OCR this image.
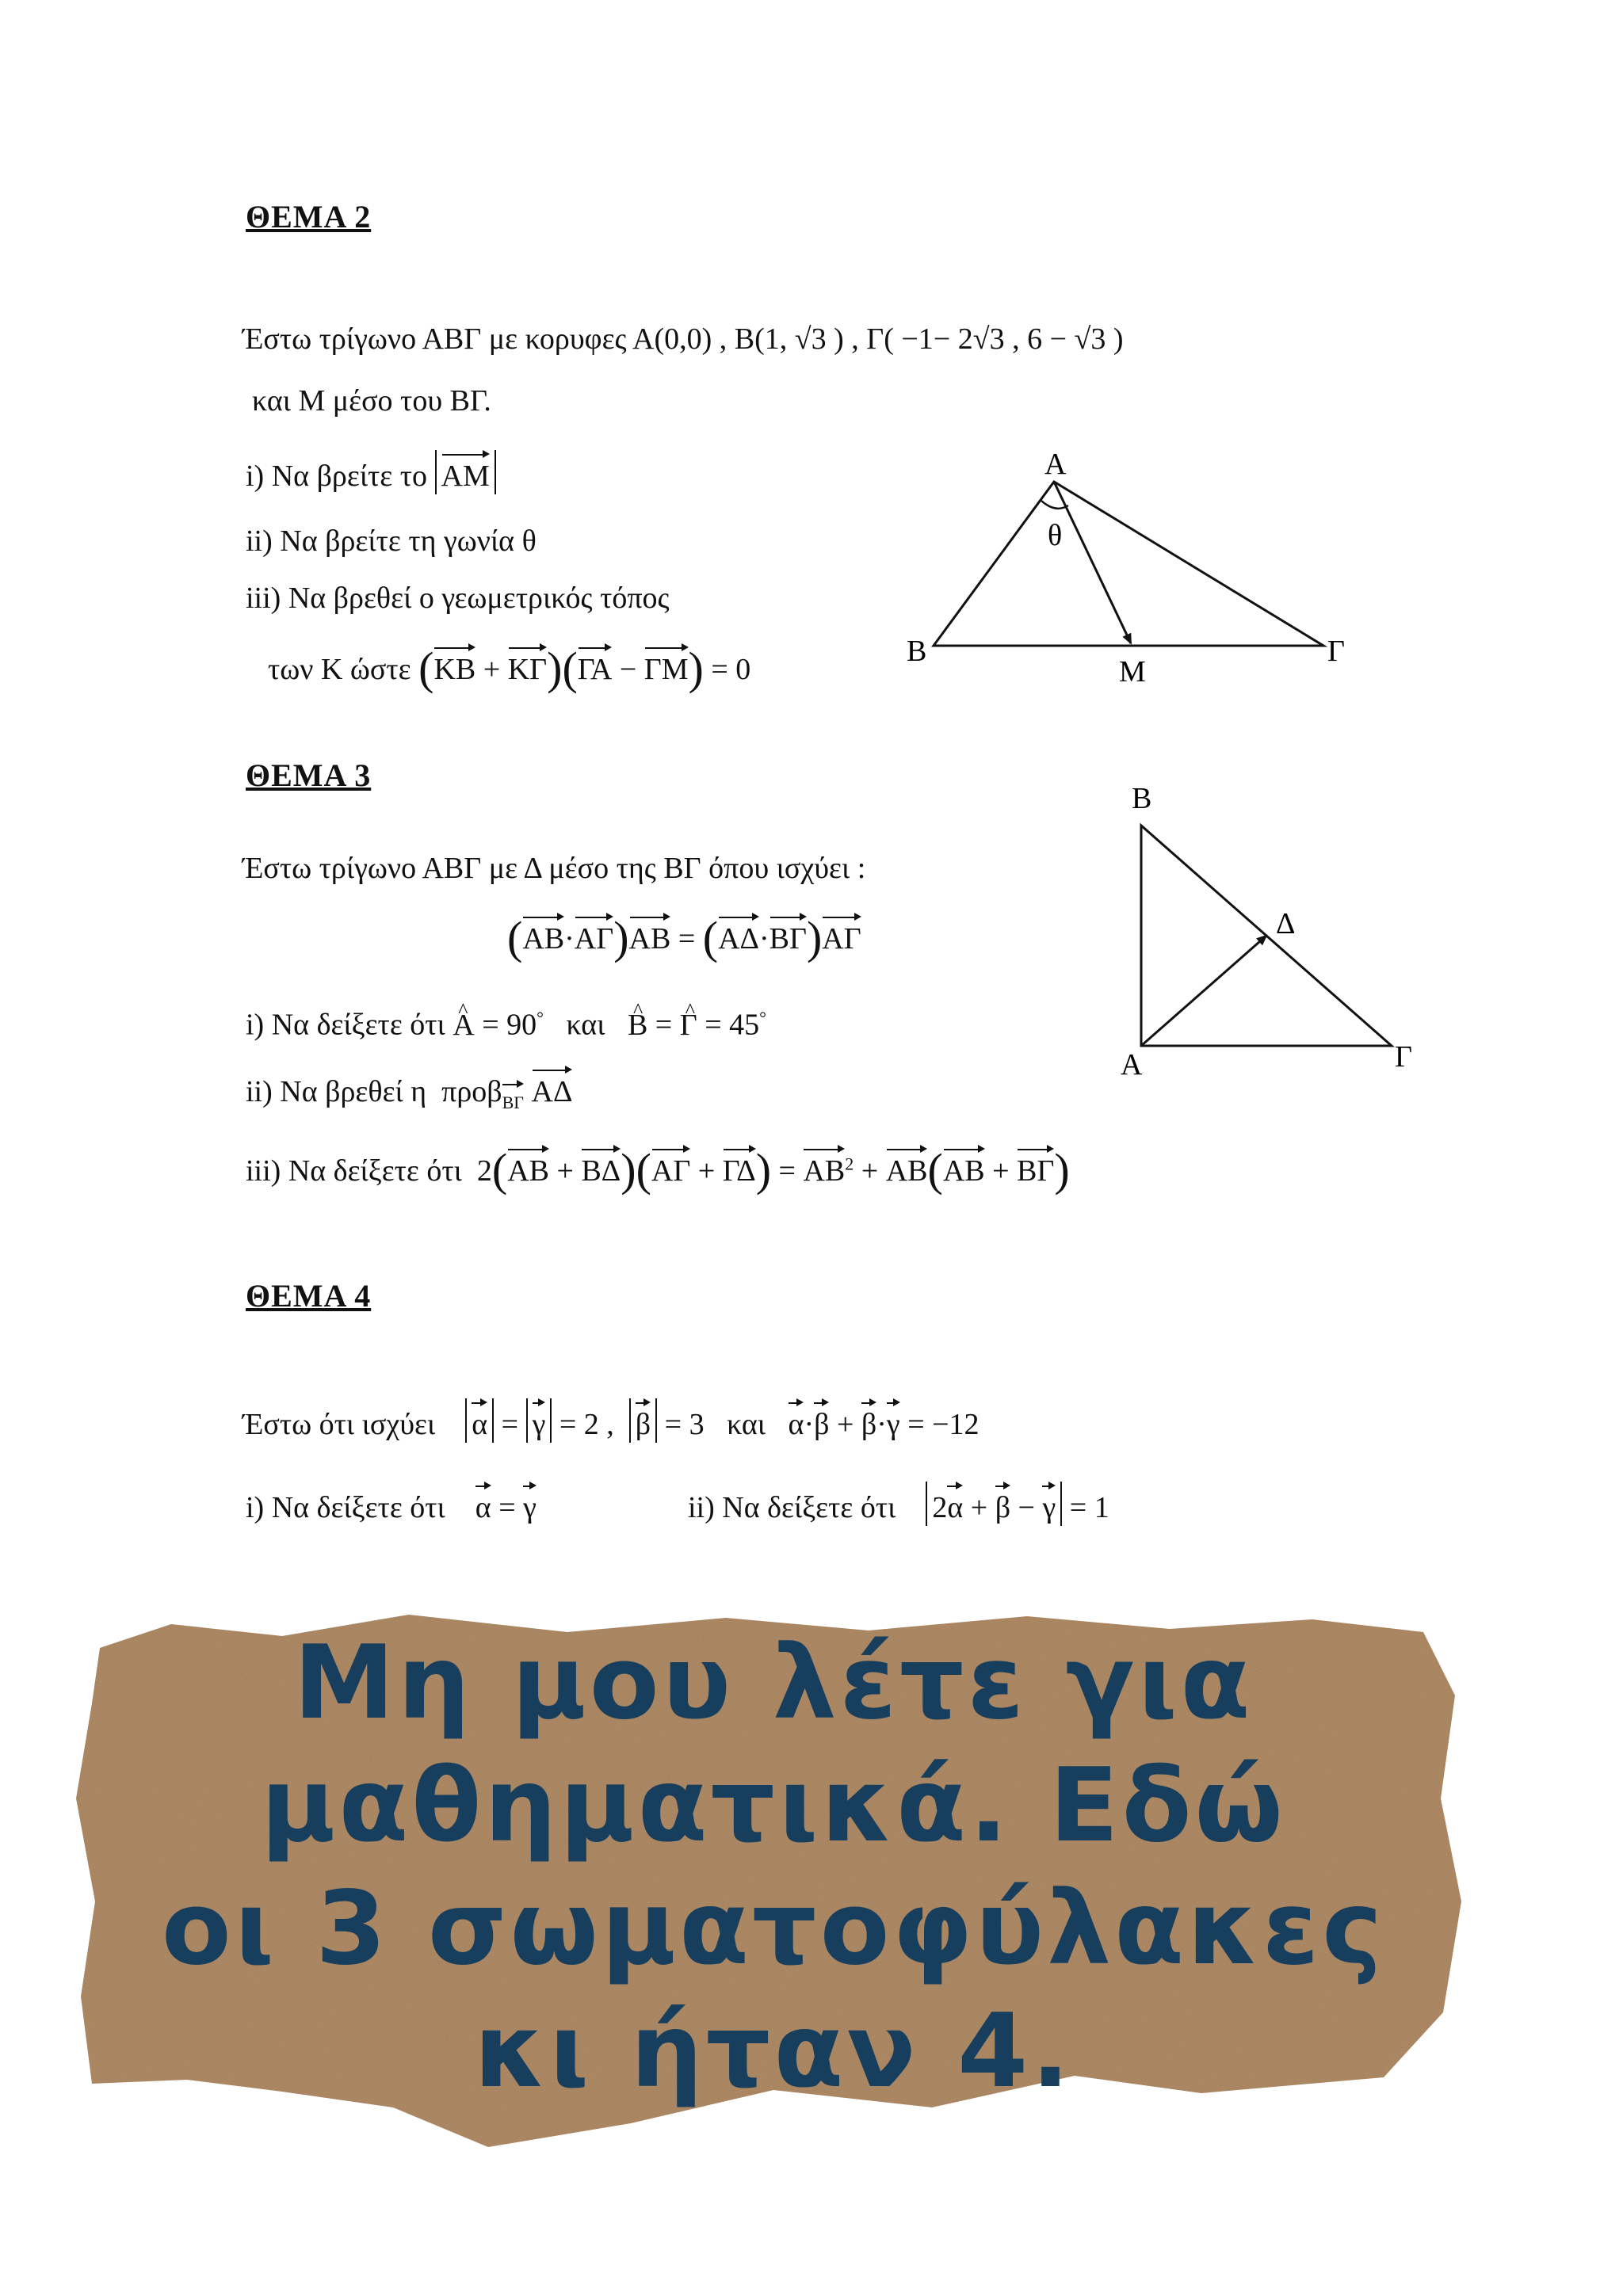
ΘΕΜΑ 2
Έστω τρίγωνο ΑΒΓ με κορυφες Α(0,0) , Β(1, √3 ) , Γ( −1− 2√3 , 6 − √3 )
και Μ μέσο του ΒΓ.
i) Να βρείτε το ΑΜ
ii) Να βρείτε τη γωνία θ
iii) Να βρεθεί ο γεωμετρικός τόπος
των Κ ώστε (ΚΒ + ΚΓ)(ΓΑ − ΓΜ) = 0
Α
θ
Β	Γ
Μ
ΘΕΜΑ 3
Έστω τρίγωνο ΑΒΓ με Δ μέσο της ΒΓ όπου ισχύει :
(ΑΒ·ΑΓ)ΑΒ = (ΑΔ·ΒΓ)ΑΓ
i) Να δείξετε ότι ^ Α = 90° και ^ Β = ^ Γ = 45°
ii) Να βρεθεί η προβ$_{B\Gamma}$ ΑΔ
iii) Να δείξετε ότι $2(AB + B\Delta)(A\Gamma + \Gamma\Delta) = AB^2 + AB(AB + B\Gamma)$
Β
Δ
Α	Γ
ΘΕΜΑ 4
Έστω ότι ισχύει α = γ = 2 , β = 3 και α·β + β·γ = −12
i) Να δείξετε ότι α = γ	ii) Να δείξετε ότι 2α + β − γ = 1
Μη μου λέτε για
μαθηματικά. Εδώ
οι 3 σωματοφύλακες
κι ήταν 4.
